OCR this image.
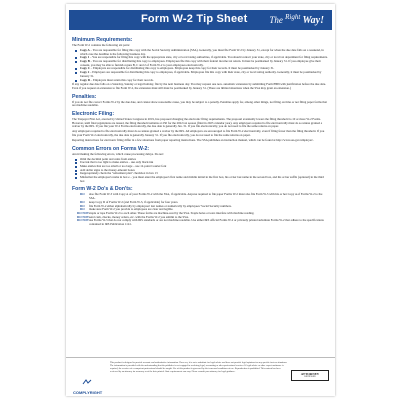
Form W-2 Tip Sheet The $^{Right}$ Way!
Minimum Requirements:

The Form W-2 contains the following six parts:

Copy A – You are responsible for filing this copy with the Social Security Administration (SSA). Generally, you must file Form W-2 by January 31, except for when the due date falls on a weekend, in which case the deadline is the following business day.
Copy 1 – You are responsible for filing this copy with the appropriate state, city or local taxing authorities, if applicable. You should contact your state, city or local tax department for filing requirements.
Copy B – You are responsible for distributing this copy to employees. Employees file this copy with their federal income tax return. It must be postmarked by January 31. If you employee give their consent, you may be able to furnish copies B, C and 2 of Form W-2 to your employees electronically.
Copy C – Employers are responsible for distributing this copy to employees. Employees keep this copy for their records. It must be postmarked by January 31.
Copy 2 – Employers are responsible for distributing this copy to employees, if applicable. Employees file this copy with their state, city or local taxing authority. Generally, it must be postmarked by January 31.
Copy D – Employers must retain this copy for their records.

If any regular due date falls on a Saturday, Sunday or legal holiday, file by the next business day. You may request one non- automatic extension by submitting Form 8809 with justification before the due date. Even if you request an extension to file Form W-2, the extension must still must be postmarked by January 31. (There are limited situations when the SSA may grant an extension.)

Penalties:

If you do not file correct Forms W-2 by the due date, and cannot show reasonable cause, you may be subject to a penalty. Penalties apply for, among other things, not filing on time or not filing paper forms that are machine readable.

Electronic Filing:

The Taxpayer First Act, enacted by United States Congress in 2019, has proposed changing the electronic filing requirements. The proposal eventually lowers the filing threshold to 10 or more W-2 Forms. However, until final regulations are issued, the filing threshold remains at 250 for the 2022 tax season (filed in 2023 calendar year). Any employers required to file electronically must do so unless granted a waiver by the IRS. If you file your W-2 Forms electronically, the due date is generally Jan. 31. If you file electronically, you do not need to file the same returns on paper.

Any employers required to file electronically must do so unless granted a waiver by the IRS. All employers are encouraged to file Form W-2 electronically, even if filing fewer than the filing threshold. If you file your Form W-2 electronically, the due date is generally January 31. If you file electronically, you do not need to file the same returns on paper.

Reporting instructions for electronic filing differ in a few situations from paper reporting instructions. The SSA publishes an instruction manual, which can be found at http://www.ssa.gov/employer/.

Common Errors on Forms W-2:

Avoid making the following errors, which cause processing delays. Do not:

Omit the decimal point and cents from entries
Use ink that is too light to make entries – use only black ink
Make entries that are too small or too large – use 12-point Courier font
Add dollar signs to the money-amount boxes
Inappropriately check the "retirement plan" checkbox in box 13
Misformat the employee's name in box e – you must enter the employee's first name and middle initial in the first box, his or her last name in the second box, and his or her suffix (optional) in the third box
Form W-2 Do's & Don'ts:
DO also file Form W-3 with Copy A of your Forms W-2 with the SSA, if applicable. Anyone required to file paper Forms W-2 must also file Form W-3 with his or her Copy A of Forms W-2 to the SSA.
DO keep Copy D of Forms W-2 (and Form W-3, if applicable) for four years.
DO file Form W-2 either alphabetically by employees' last names or numerically by employees' Social Security numbers.
DO make sure Form W-2 you provide to employees are clear and legible.
DO NOT staple or tape Forms W-2 to each other. These forms are machine-read by the SSA. Staple holes or tears interfere with machine reading.
DO NOT send cash, checks, money orders, etc. with the Forms W-2 you submit to the SSA.
DO NOT use Forms W-3 that do not comply with IRS standards or are not machine readable. Use either IRS official Forms W-2 or privately printed substitute Forms W-2 that adhere to the specifications contained in IRS Publication 1141.
COMPLYRIGHT
This product is designed to provide accurate and authoritative information. However, it is not a substitute for legal advice and does not provide legal opinions for any specific facts or situations. The information is provided with the understanding that the publisher is not engaged in rendering legal, accounting or other professional services. If legal advice or other expert assistance is required, the services of a competent professional should be sought. Use of this product is governed by the terms and conditions of use. Reproduction is prohibited. This content has been reviewed by an attorney for accuracy as of the date printed. State requirements can vary. Please consult your attorney for legal guidance.	ATTORNEY
REVIEWED
